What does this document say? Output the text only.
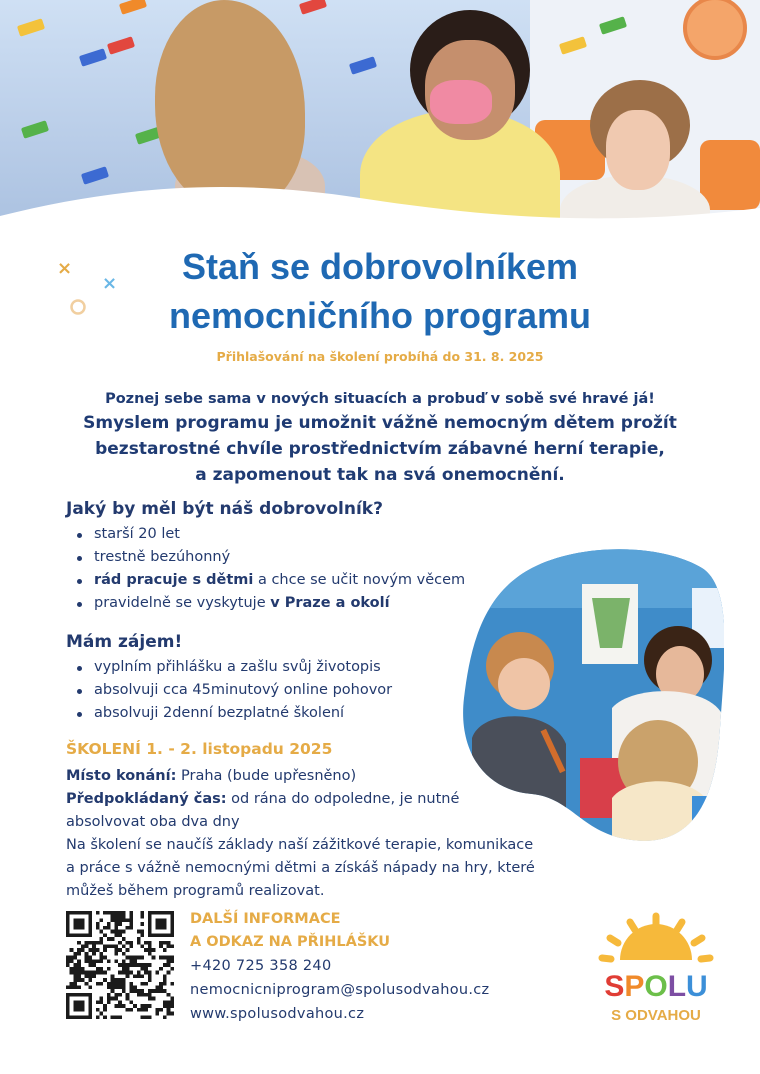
×
×	Staň se dobrovolníkem
nemocničního programu
Přihlašování na školení probíhá do 31. 8. 2025
Poznej sebe sama v nových situacích a probuď v sobě své hravé já!
Smyslem programu je umožnit vážně nemocným dětem prožít
bezstarostné chvíle prostřednictvím zábavné herní terapie,
a zapomenout tak na svá onemocnění.
Jaký by měl být náš dobrovolník?
starší 20 let
trestně bezúhonný
rád pracuje s dětmi a chce se učit novým věcem
pravidelně se vyskytuje v Praze a okolí
Mám zájem!
vyplním přihlášku a zašlu svůj životopis
absolvuji cca 45minutový online pohovor
absolvuji 2denní bezplatné školení
ŠKOLENÍ 1. - 2. listopadu 2025

Místo konání: Praha (bude upřesněno)

Předpokládaný čas: od rána do odpoledne, je nutné

absolvovat oba dva dny

Na školení se naučíš základy naší zážitkové terapie, komunikace

a práce s vážně nemocnými dětmi a získáš nápady na hry, které

můžeš během programů realizovat.

DALŠÍ INFORMACE
A ODKAZ NA PŘIHLÁŠKU
+420 725 358 240
nemocnicniprogram@spolusodvahou.cz
www.spolusodvahou.cz
SPOLU
S ODVAHOU
